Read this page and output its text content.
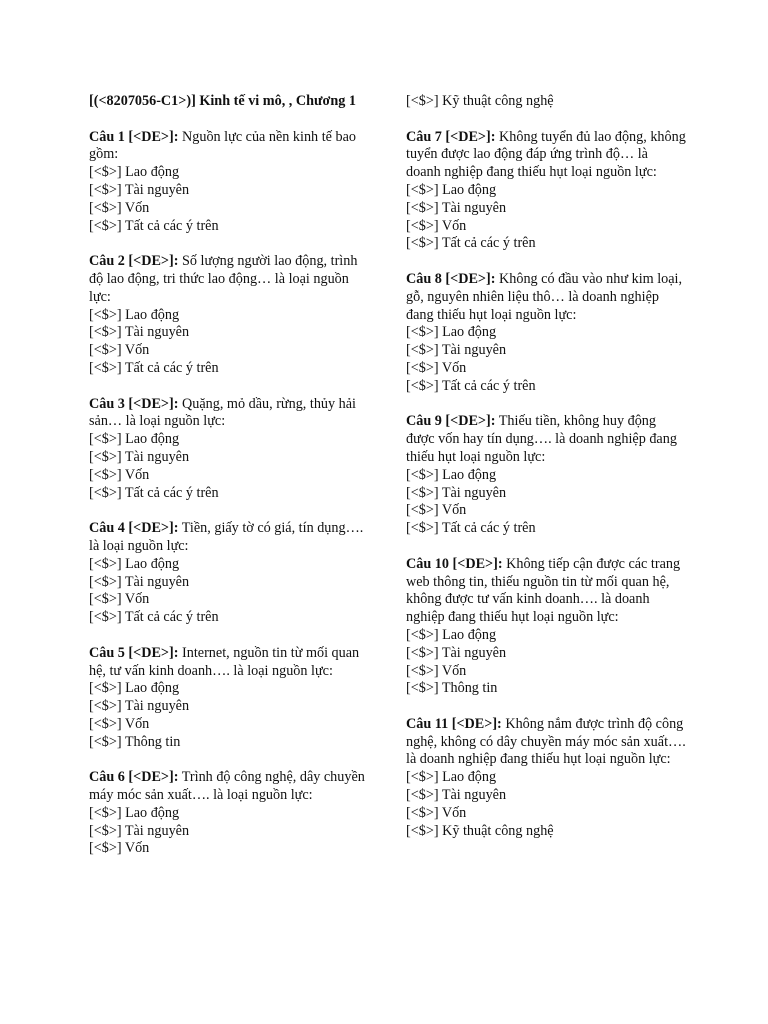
[(<8207056-C1>)] Kinh tế vi mô, , Chương 1
Câu 1 [<DE>]: Nguồn lực của nền kinh tế bao gồm:
[<$>] Lao động
[<$>] Tài nguyên
[<$>] Vốn
[<$>] Tất cả các ý trên
Câu 2 [<DE>]: Số lượng người lao động, trình độ lao động, tri thức lao động… là loại nguồn lực:
[<$>] Lao động
[<$>] Tài nguyên
[<$>] Vốn
[<$>] Tất cả các ý trên
Câu 3 [<DE>]: Quặng, mỏ dầu, rừng, thủy hải sản… là loại nguồn lực:
[<$>] Lao động
[<$>] Tài nguyên
[<$>] Vốn
[<$>] Tất cả các ý trên
Câu 4 [<DE>]: Tiền, giấy tờ có giá, tín dụng…. là loại nguồn lực:
[<$>] Lao động
[<$>] Tài nguyên
[<$>] Vốn
[<$>] Tất cả các ý trên
Câu 5 [<DE>]: Internet, nguồn tin từ mối quan hệ, tư vấn kinh doanh…. là loại nguồn lực:
[<$>] Lao động
[<$>] Tài nguyên
[<$>] Vốn
[<$>] Thông tin
Câu 6 [<DE>]: Trình độ công nghệ, dây chuyền máy móc sản xuất…. là loại nguồn lực:
[<$>] Lao động
[<$>] Tài nguyên
[<$>] Vốn
[<$>] Kỹ thuật công nghệ
Câu 7 [<DE>]: Không tuyển đủ lao động, không tuyển được lao động đáp ứng trình độ… là doanh nghiệp đang thiếu hụt loại nguồn lực:
[<$>] Lao động
[<$>] Tài nguyên
[<$>] Vốn
[<$>] Tất cả các ý trên
Câu 8 [<DE>]: Không có đầu vào như kim loại, gỗ, nguyên nhiên liệu thô… là doanh nghiệp đang thiếu hụt loại nguồn lực:
[<$>] Lao động
[<$>] Tài nguyên
[<$>] Vốn
[<$>] Tất cả các ý trên
Câu 9 [<DE>]: Thiếu tiền, không huy động được vốn hay tín dụng…. là doanh nghiệp đang thiếu hụt loại nguồn lực:
[<$>] Lao động
[<$>] Tài nguyên
[<$>] Vốn
[<$>] Tất cả các ý trên
Câu 10 [<DE>]: Không tiếp cận được các trang web thông tin, thiếu nguồn tin từ mối quan hệ, không được tư vấn kinh doanh…. là doanh nghiệp đang thiếu hụt loại nguồn lực:
[<$>] Lao động
[<$>] Tài nguyên
[<$>] Vốn
[<$>] Thông tin
Câu 11 [<DE>]: Không nắm được trình độ công nghệ, không có dây chuyền máy móc sản xuất…. là doanh nghiệp đang thiếu hụt loại nguồn lực:
[<$>] Lao động
[<$>] Tài nguyên
[<$>] Vốn
[<$>] Kỹ thuật công nghệ
